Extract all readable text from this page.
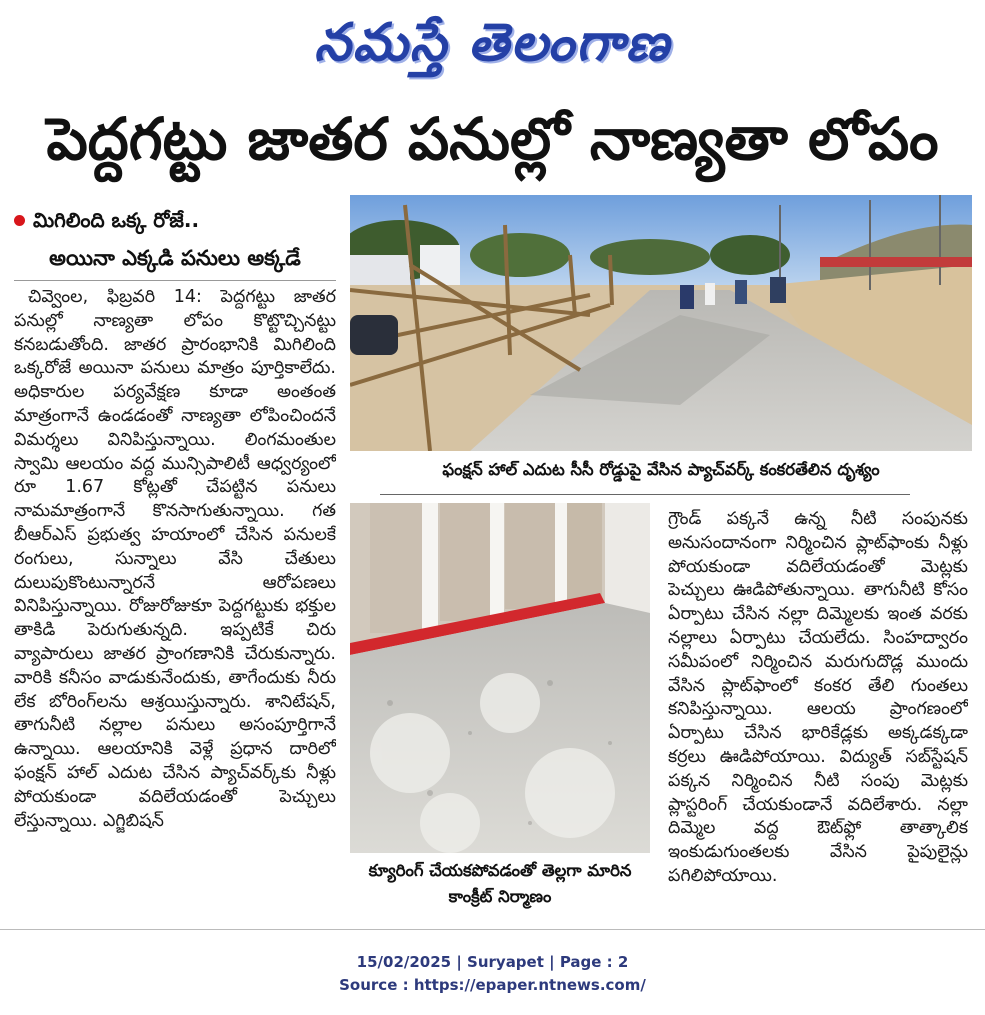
నమస్తే తెలంగాణ
పెద్దగట్టు జాతర పనుల్లో నాణ్యతా లోపం
మిగిలింది ఒక్క రోజే..
అయినా ఎక్కడి పనులు అక్కడే

చివ్వెంల, ఫిబ్రవరి 14: పెద్దగట్టు జాతర పనుల్లో నాణ్యతా లోపం కొట్టొచ్చినట్టు కనబడుతోంది. జాతర ప్రారంభానికి మిగిలింది ఒక్కరోజే అయినా పనులు మాత్రం పూర్తికాలేదు. అధికారుల పర్యవేక్షణ కూడా అంతంత మాత్రంగానే ఉండడంతో నాణ్యతా లోపించిందనే విమర్శలు వినిపిస్తున్నాయి. లింగమంతుల స్వామి ఆలయం వద్ద మున్సిపాలిటీ ఆధ్వర్యంలో రూ 1.67 కోట్లతో చేపట్టిన పనులు నామమాత్రంగానే కొనసాగుతున్నాయి. గత బీఆర్ఎస్ ప్రభుత్వ హయాంలో చేసిన పనులకే రంగులు, సున్నాలు వేసి చేతులు దులుపుకొంటున్నారనే ఆరోపణలు వినిపిస్తున్నాయి. రోజురోజుకూ పెద్దగట్టుకు భక్తుల తాకిడి పెరుగుతున్నది. ఇప్పటికే చిరు వ్యాపారులు జాతర ప్రాంగణానికి చేరుకున్నారు. వారికి కనీసం వాడుకునేందుకు, తాగేందుకు నీరు లేక బోరింగ్‌లను ఆశ్రయిస్తున్నారు. శానిటేషన్, తాగునీటి నల్లాల పనులు అసంపూర్తిగానే ఉన్నాయి. ఆలయానికి వెళ్లే ప్రధాన దారిలో ఫంక్షన్ హాల్ ఎదుట చేసిన ప్యాచ్‌వర్క్‌కు నీళ్లు పోయకుండా వదిలేయడంతో పెచ్చులు లేస్తున్నాయి. ఎగ్జిబిషన్

ఫంక్షన్ హాల్ ఎదుట సీసీ రోడ్డుపై వేసిన ప్యాచ్‌వర్క్ కంకరతేలిన దృశ్యం
క్యూరింగ్ చేయకపోవడంతో తెల్లగా మారిన కాంక్రీట్ నిర్మాణం

గ్రౌండ్ పక్కనే ఉన్న నీటి సంపునకు అనుసందానంగా నిర్మించిన ప్లాట్‌ఫాంకు నీళ్లు పోయకుండా వదిలేయడంతో మెట్లకు పెచ్చులు ఊడిపోతున్నాయి. తాగునీటి కోసం ఏర్పాటు చేసిన నల్లా దిమ్మెలకు ఇంత వరకు నల్లాలు ఏర్పాటు చేయలేదు. సింహద్వారం సమీపంలో నిర్మించిన మరుగుదొడ్ల ముందు వేసిన ప్లాట్‌ఫాంలో కంకర తేలి గుంతలు కనిపిస్తున్నాయి. ఆలయ ప్రాంగణంలో ఏర్పాటు చేసిన భారికేడ్లకు అక్కడక్కడా కర్రలు ఊడిపోయాయి. విద్యుత్ సబ్‌స్టేషన్ పక్కన నిర్మించిన నీటి సంపు మెట్లకు ప్లాస్టరింగ్ చేయకుండానే వదిలేశారు. నల్లా దిమ్మెల వద్ద ఔట్‌ఫ్లో తాత్కాలిక ఇంకుడుగుంతలకు వేసిన పైపులైన్లు పగిలిపోయాయి.

15/02/2025 | Suryapet | Page : 2
Source : https://epaper.ntnews.com/
